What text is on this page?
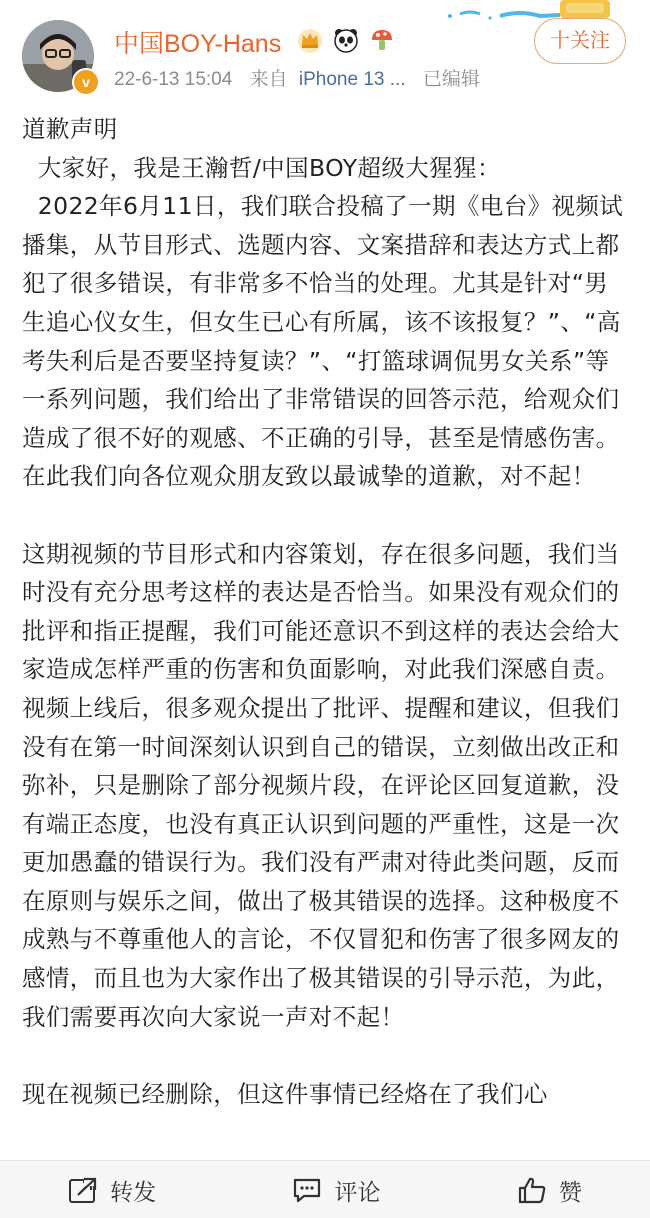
v
中国BOY-Hans
22-6-13 15:04 来自 iPhone 13 ... 已编辑
十关注

道歉声明

大家好，我是王瀚哲/中国BOY超级大猩猩：
2022年6月11日，我们联合投稿了一期《电台》视频试播集，从节目形式、选题内容、文案措辞和表达方式上都犯了很多错误，有非常多不恰当的处理。尤其是针对“男生追心仪女生，但女生已心有所属，该不该报复？”、“高考失利后是否要坚持复读？”、“打篮球调侃男女关系”等一系列问题，我们给出了非常错误的回答示范，给观众们造成了很不好的观感、不正确的引导，甚至是情感伤害。在此我们向各位观众朋友致以最诚挚的道歉，对不起！

这期视频的节目形式和内容策划，存在很多问题，我们当时没有充分思考这样的表达是否恰当。如果没有观众们的批评和指正提醒，我们可能还意识不到这样的表达会给大家造成怎样严重的伤害和负面影响，对此我们深感自责。视频上线后，很多观众提出了批评、提醒和建议，但我们没有在第一时间深刻认识到自己的错误，立刻做出改正和弥补，只是删除了部分视频片段，在评论区回复道歉，没有端正态度，也没有真正认识到问题的严重性，这是一次更加愚蠢的错误行为。我们没有严肃对待此类问题，反而在原则与娱乐之间，做出了极其错误的选择。这种极度不成熟与不尊重他人的言论，不仅冒犯和伤害了很多网友的感情，而且也为大家作出了极其错误的引导示范，为此，我们需要再次向大家说一声对不起！

现在视频已经删除，但这件事情已经烙在了我们心

转发	评论	赞
